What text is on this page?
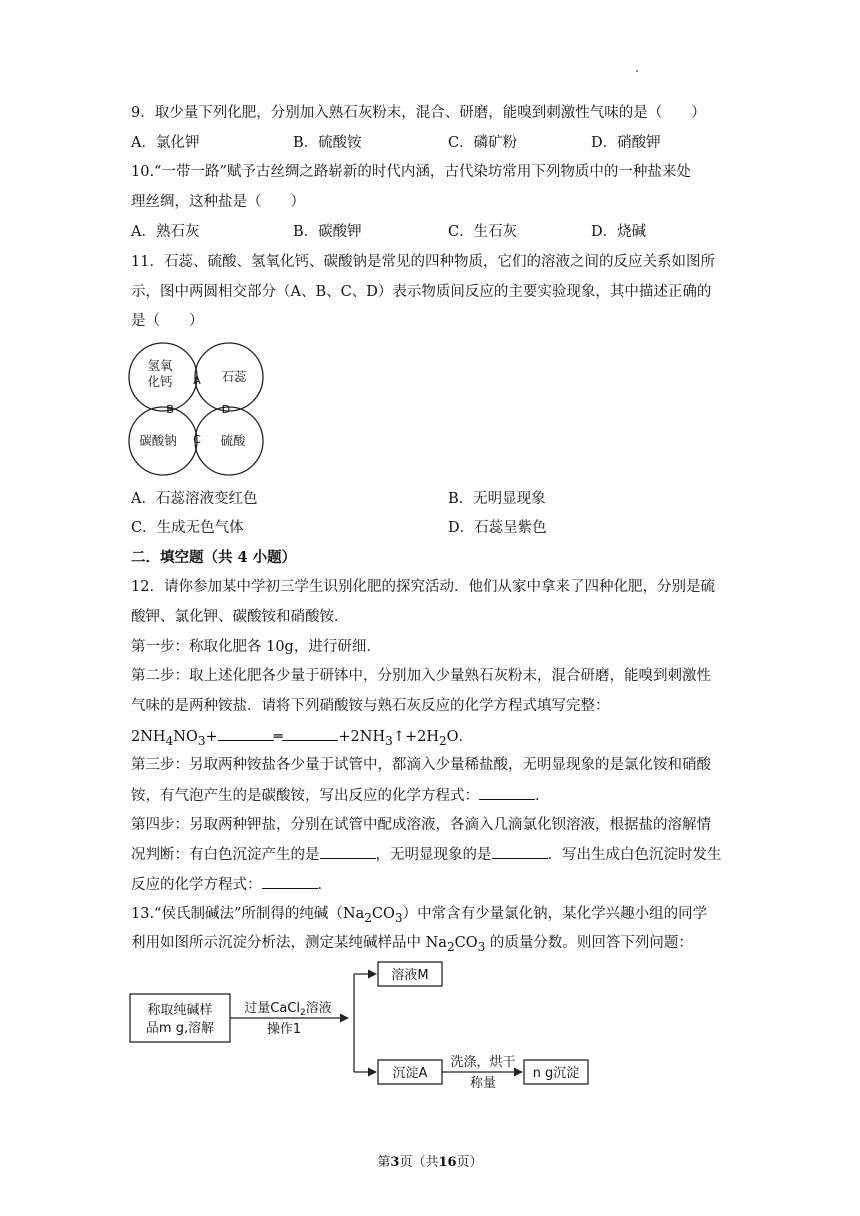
9．取少量下列化肥，分别加入熟石灰粉末，混合、研磨，能嗅到刺激性气味的是（　　）
A．氯化钾	B．硫酸铵	C．磷矿粉	D．硝酸钾
10.“一带一路”赋予古丝绸之路崭新的时代内涵，古代染坊常用下列物质中的一种盐来处
理丝绸，这种盐是（　　）
A．熟石灰	B．碳酸钾	C．生石灰	D．烧碱
11．石蕊、硫酸、氢氧化钙、碳酸钠是常见的四种物质，它们的溶液之间的反应关系如图所
示，图中两圆相交部分（A、B、C、D）表示物质间反应的主要实验现象，其中描述正确的
是（　　）
氢氧
化钙	石蕊
碳酸钠	硫酸
A
B	D
C
A．石蕊溶液变红色	B．无明显现象
C．生成无色气体	D．石蕊呈紫色
二．填空题（共 4 小题）
12．请你参加某中学初三学生识别化肥的探究活动．他们从家中拿来了四种化肥，分别是硫
酸钾、氯化钾、碳酸铵和硝酸铵．
第一步：称取化肥各 10g，进行研细．
第二步：取上述化肥各少量于研钵中，分别加入少量熟石灰粉末，混合研磨，能嗅到刺激性
气味的是两种铵盐．请将下列硝酸铵与熟石灰反应的化学方程式填写完整：
$2NH_4NO_3+$	═	$+2NH_3↑+2H_2O$．
第三步：另取两种铵盐各少量于试管中，都滴入少量稀盐酸，无明显现象的是氯化铵和硝酸
铵，有气泡产生的是碳酸铵，写出反应的化学方程式：	．
第四步：另取两种钾盐，分别在试管中配成溶液，各滴入几滴氯化钡溶液，根据盐的溶解情
况判断：有白色沉淀产生的是	，无明显现象的是	．写出生成白色沉淀时发生
反应的化学方程式：	．
13.“侯氏制碱法”所制得的纯碱$(Na_2CO_3)$中常含有少量氯化钠，某化学兴趣小组的同学
利用如图所示沉淀分析法，测定某纯碱样品中 $Na_2CO_3$ 的质量分数。则回答下列问题：
称取纯碱样
品m g,溶解
过量CaCl$_2$溶液
操作1
溶液M
沉淀A
洗涤，烘干
称量
n g沉淀
第3页（共16页）
